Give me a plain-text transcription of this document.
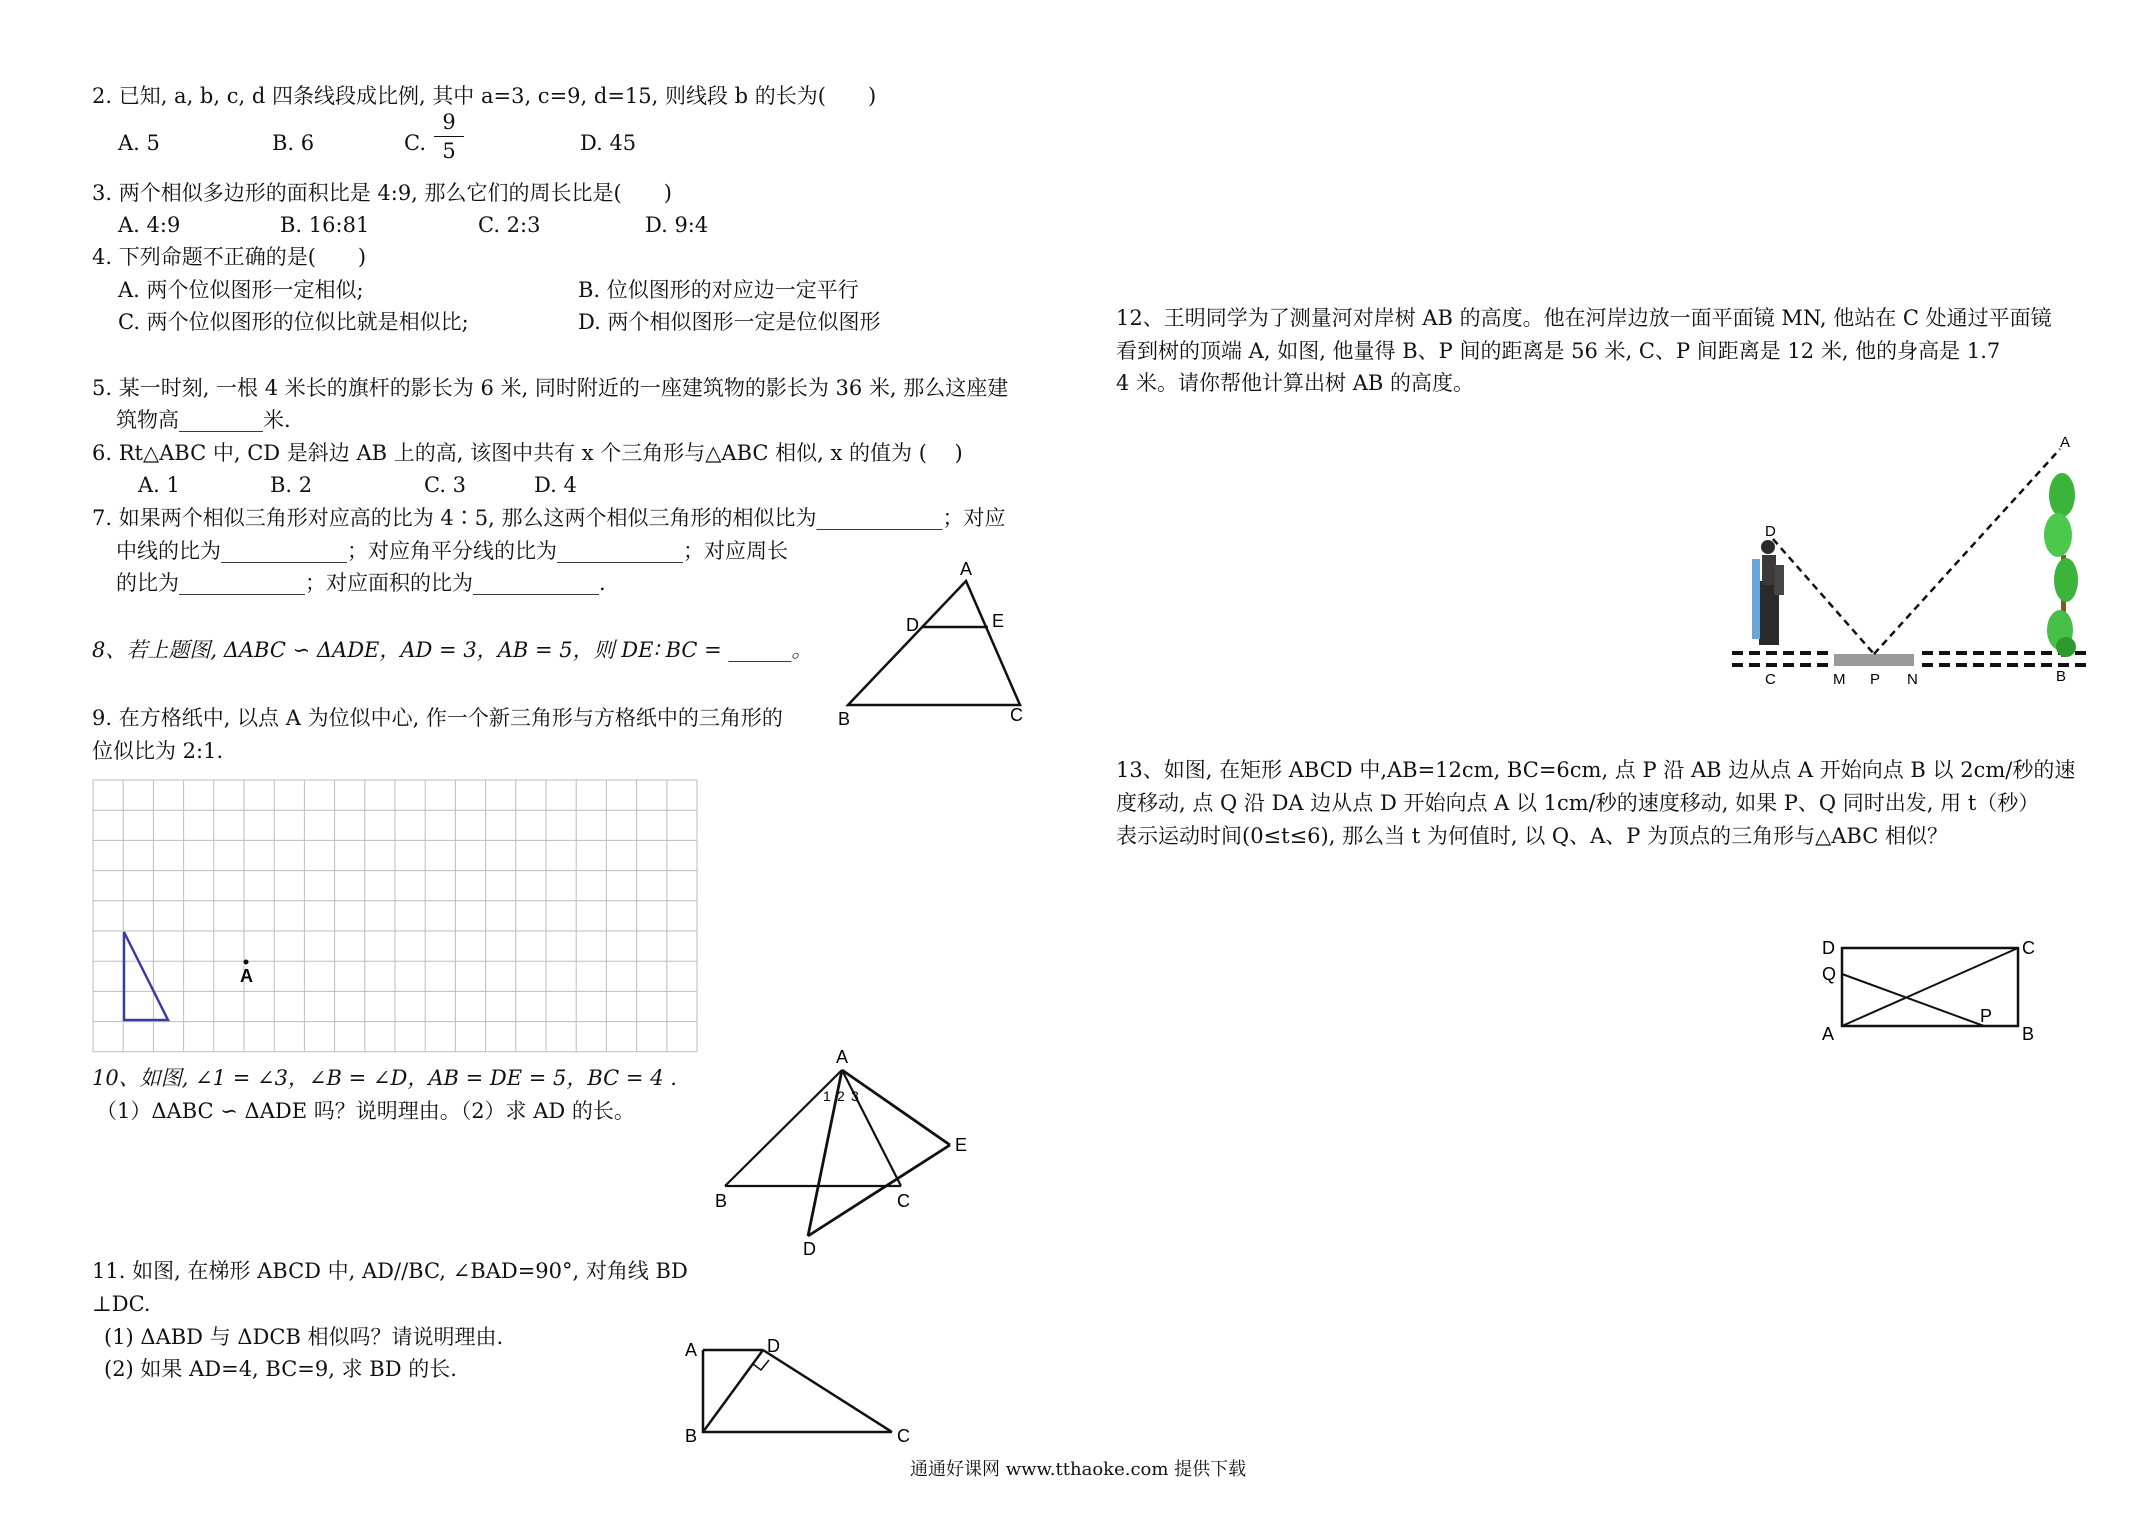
2. 已知, a, b, c, d 四条线段成比例, 其中 a=3, c=9, d=15, 则线段 b 的长为(　　)
A. 5	B. 6	C.
9
5	D. 45
3. 两个相似多边形的面积比是 4:9, 那么它们的周长比是(　　)
A. 4:9	B. 16:81	C. 2:3	D. 9:4
4. 下列命题不正确的是(　　)
A. 两个位似图形一定相似;	B. 位似图形的对应边一定平行
C. 两个位似图形的位似比就是相似比;	D. 两个相似图形一定是位似图形
5. 某一时刻, 一根 4 米长的旗杆的影长为 6 米, 同时附近的一座建筑物的影长为 36 米, 那么这座建
筑物高________米.
6. Rt△ABC 中, CD 是斜边 AB 上的高, 该图中共有 x 个三角形与△ABC 相似, x 的值为 (　 )
A. 1	B. 2	C. 3	D. 4
7. 如果两个相似三角形对应高的比为 4∶5, 那么这两个相似三角形的相似比为____________；对应
中线的比为____________；对应角平分线的比为____________；对应周长
的比为____________；对应面积的比为____________.
8、若上题图, ΔABC ∽ ΔADE，AD = 3，AB = 5，则 DE∶ BC = ______。
A
D	E
B	C
9. 在方格纸中, 以点 A 为位似中心, 作一个新三角形与方格纸中的三角形的
位似比为 2:1.
A
10、如图, ∠1 = ∠3，∠B = ∠D，AB = DE = 5，BC = 4 .
（1）ΔABC ∽ ΔADE 吗？说明理由。（2）求 AD 的长。
A
B	C
D
E
1 2 3
11. 如图, 在梯形 ABCD 中, AD//BC, ∠BAD=90°, 对角线 BD
⊥DC.
(1) ΔABD 与 ΔDCB 相似吗？请说明理由.
(2) 如果 AD=4, BC=9, 求 BD 的长.
A	D
B	C
12、王明同学为了测量河对岸树 AB 的高度。他在河岸边放一面平面镜 MN, 他站在 C 处通过平面镜
看到树的顶端 A, 如图, 他量得 B、P 间的距离是 56 米, C、P 间距离是 12 米, 他的身高是 1.7
4 米。请你帮他计算出树 AB 的高度。
D
A
C	M P N	B
13、如图, 在矩形 ABCD 中,AB=12cm, BC=6cm, 点 P 沿 AB 边从点 A 开始向点 B 以 2cm/秒的速
度移动, 点 Q 沿 DA 边从点 D 开始向点 A 以 1cm/秒的速度移动, 如果 P、Q 同时出发, 用 t（秒）
表示运动时间(0≤t≤6), 那么当 t 为何值时, 以 Q、A、P 为顶点的三角形与△ABC 相似？
D
Q
A
C
B
P
通通好课网 www.tthaoke.com 提供下载
